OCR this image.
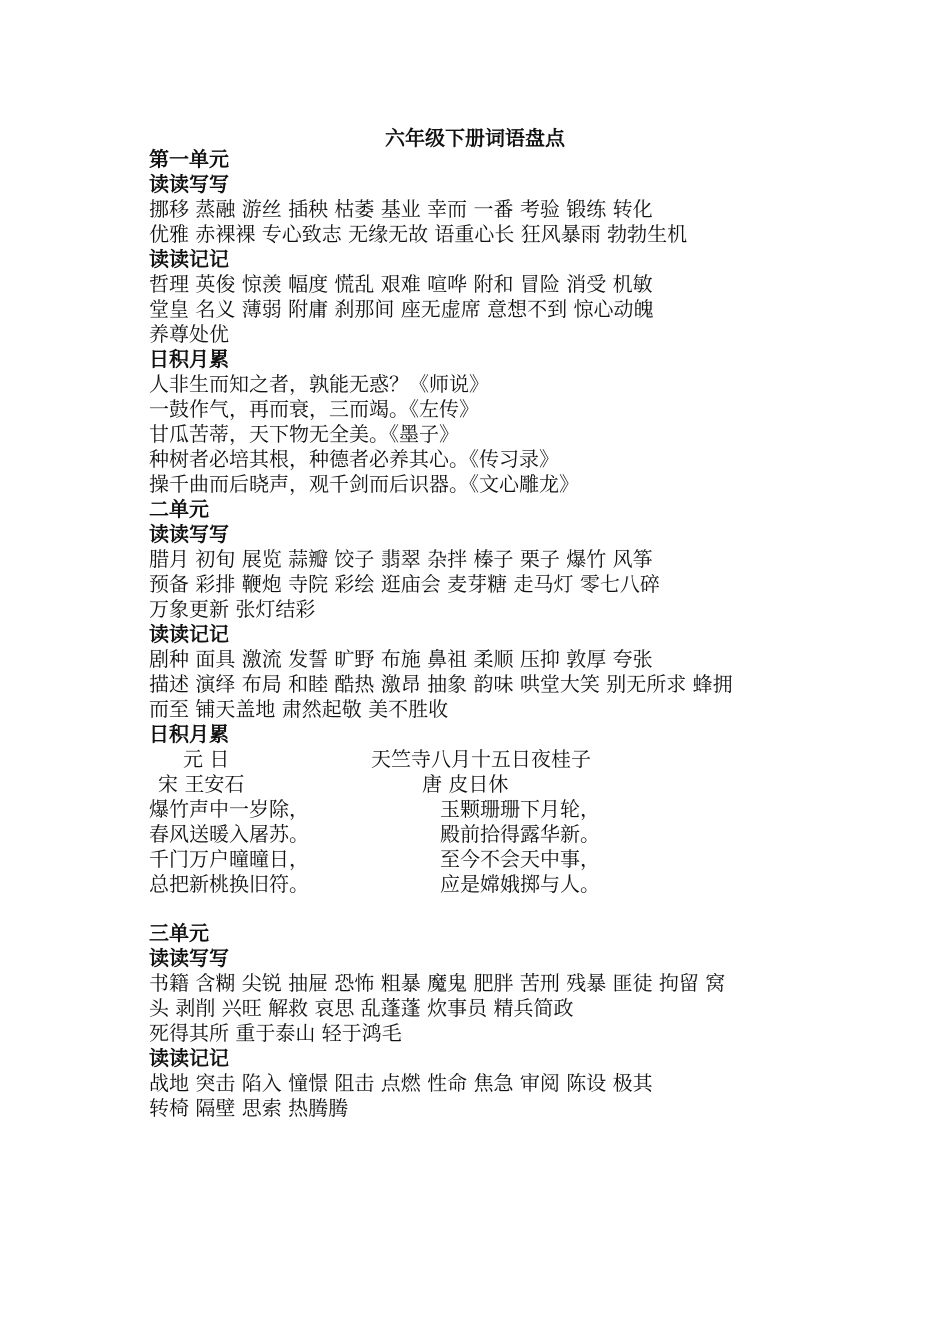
六年级下册词语盘点
第一单元
读读写写
挪移 蒸融 游丝 插秧 枯萎 基业 幸而 一番 考验 锻练 转化
优雅 赤裸裸 专心致志 无缘无故 语重心长 狂风暴雨 勃勃生机
读读记记
哲理 英俊 惊羡 幅度 慌乱 艰难 喧哗 附和 冒险 消受 机敏
堂皇 名义 薄弱 附庸 刹那间 座无虚席 意想不到 惊心动魄
养尊处优
日积月累
人非生而知之者，孰能无惑？《师说》
一鼓作气，再而衰，三而竭。《左传》
甘瓜苦蒂，天下物无全美。《墨子》
种树者必培其根，种德者必养其心。《传习录》
操千曲而后晓声，观千剑而后识器。《文心雕龙》
二单元
读读写写
腊月 初旬 展览 蒜瓣 饺子 翡翠 杂拌 榛子 栗子 爆竹 风筝
预备 彩排 鞭炮 寺院 彩绘 逛庙会 麦芽糖 走马灯 零七八碎
万象更新 张灯结彩
读读记记
剧种 面具 激流 发誓 旷野 布施 鼻祖 柔顺 压抑 敦厚 夸张
描述 演绎 布局 和睦 酷热 激昂 抽象 韵味 哄堂大笑 别无所求 蜂拥
而至 铺天盖地 肃然起敬 美不胜收
日积月累
元 日	天竺寺八月十五日夜桂子
宋 王安石	唐 皮日休
爆竹声中一岁除，	玉颗珊珊下月轮，
春风送暖入屠苏。	殿前拾得露华新。
千门万户曈曈日，	至今不会天中事，
总把新桃换旧符。	应是嫦娥掷与人。
三单元
读读写写
书籍 含糊 尖锐 抽屉 恐怖 粗暴 魔鬼 肥胖 苦刑 残暴 匪徒 拘留 窝
头 剥削 兴旺 解救 哀思 乱蓬蓬 炊事员 精兵简政
死得其所 重于泰山 轻于鸿毛
读读记记
战地 突击 陷入 憧憬 阻击 点燃 性命 焦急 审阅 陈设 极其
转椅 隔壁 思索 热腾腾
